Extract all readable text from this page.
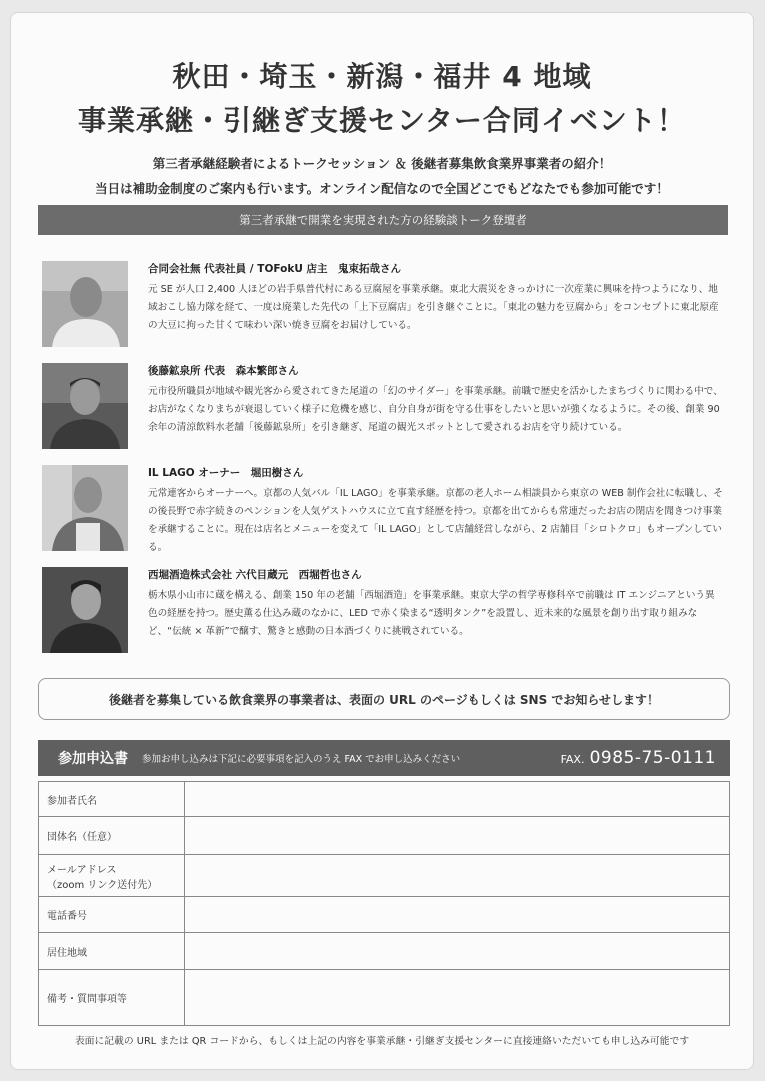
秋田・埼玉・新潟・福井 4 地域
事業承継・引継ぎ支援センター合同イベント！
第三者承継経験者によるトークセッション ＆ 後継者募集飲食業界事業者の紹介！
当日は補助金制度のご案内も行います。オンライン配信なので全国どこでもどなたでも参加可能です！
第三者承継で開業を実現された方の経験談トーク登壇者
合同会社無 代表社員 / TOFokU 店主　鬼束拓哉さん
元 SE が人口 2,400 人ほどの岩手県普代村にある豆腐屋を事業承継。東北大震災をきっかけに一次産業に興味を持つようになり、地域おこし協力隊を経て、一度は廃業した先代の「上下豆腐店」を引き継ぐことに。「東北の魅力を豆腐から」をコンセプトに東北原産の大豆に拘った甘くて味わい深い焼き豆腐をお届けしている。
後藤鉱泉所 代表　森本繁郎さん
元市役所職員が地域や観光客から愛されてきた尾道の「幻のサイダー」を事業承継。前職で歴史を活かしたまちづくりに関わる中で、お店がなくなりまちが衰退していく様子に危機を感じ、自分自身が街を守る仕事をしたいと思いが強くなるように。その後、創業 90 余年の清涼飲料水老舗「後藤鉱泉所」を引き継ぎ、尾道の観光スポットとして愛されるお店を守り続けている。
IL LAGO オーナー　堀田樹さん
元常連客からオーナーへ。京都の人気バル「IL LAGO」を事業承継。京都の老人ホーム相談員から東京の WEB 制作会社に転職し、その後長野で赤字続きのペンションを人気ゲストハウスに立て直す経歴を持つ。京都を出てからも常連だったお店の閉店を聞きつけ事業を承継することに。現在は店名とメニューを変えて「IL LAGO」として店舗経営しながら、2 店舗目「シロトクロ」もオープンしている。
西堀酒造株式会社 六代目蔵元　西堀哲也さん
栃木県小山市に蔵を構える、創業 150 年の老舗「西堀酒造」を事業承継。東京大学の哲学専修科卒で前職は IT エンジニアという異色の経歴を持つ。歴史薫る仕込み蔵のなかに、LED で赤く染まる“透明タンク”を設置し、近未来的な風景を創り出す取り組みなど、“伝統 × 革新”で醸す、驚きと感動の日本酒づくりに挑戦されている。
後継者を募集している飲食業界の事業者は、表面の URL のページもしくは SNS でお知らせします！
参加申込書 参加お申し込みは下記に必要事項を記入のうえ FAX でお申し込みください	FAX. 0985-75-0111
参加者氏名	
団体名（任意）	

メールアドレス
（zoom リンク送付先）

電話番号	
居住地域	
備考・質問事項等	
表面に記載の URL または QR コードから、もしくは上記の内容を事業承継・引継ぎ支援センターに直接連絡いただいても申し込み可能です
